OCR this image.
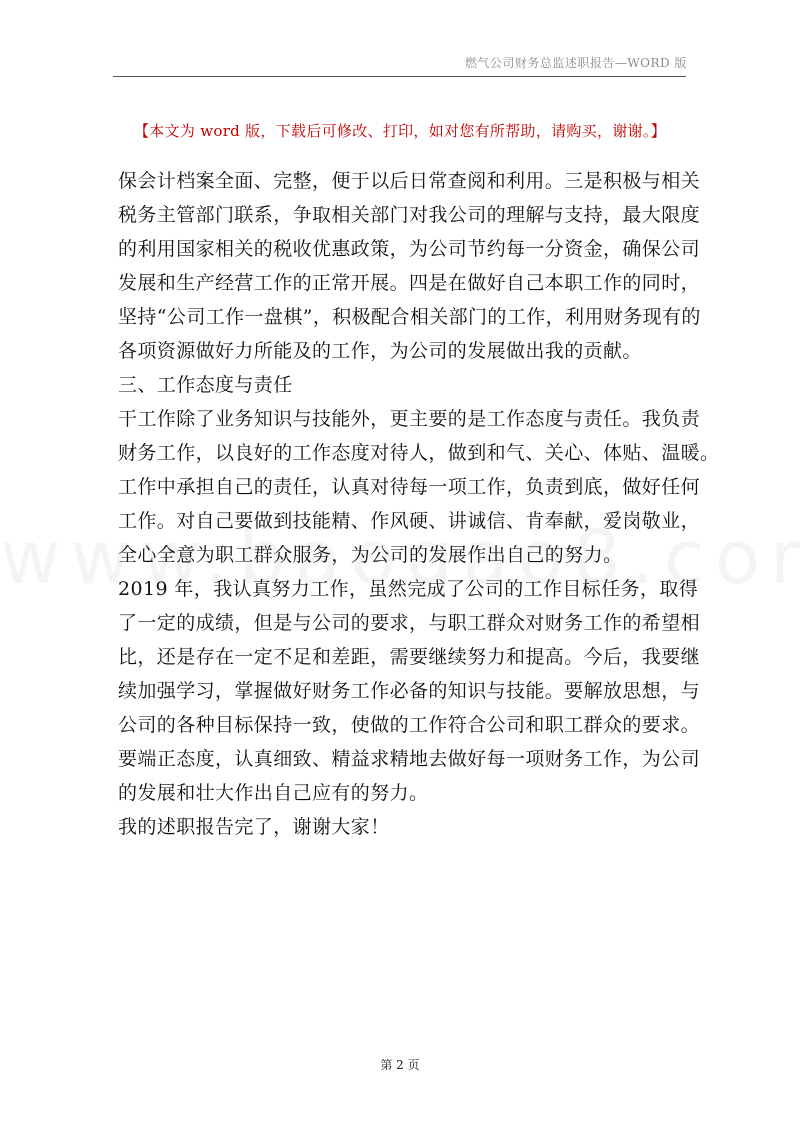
燃气公司财务总监述职报告—WORD 版
【本文为 word 版，下载后可修改、打印，如对您有所帮助，请购买，谢谢。】
保会计档案全面、完整，便于以后日常查阅和利用。三是积极与相关
税务主管部门联系，争取相关部门对我公司的理解与支持，最大限度
的利用国家相关的税收优惠政策，为公司节约每一分资金，确保公司
发展和生产经营工作的正常开展。四是在做好自己本职工作的同时，
坚持“公司工作一盘棋”，积极配合相关部门的工作，利用财务现有的
各项资源做好力所能及的工作，为公司的发展做出我的贡献。
三、工作态度与责任
干工作除了业务知识与技能外，更主要的是工作态度与责任。我负责
财务工作，以良好的工作态度对待人，做到和气、关心、体贴、温暖。
工作中承担自己的责任，认真对待每一项工作，负责到底，做好任何
工作。对自己要做到技能精、作风硬、讲诚信、肯奉献，爱岗敬业，
全心全意为职工群众服务，为公司的发展作出自己的努力。
2019 年，我认真努力工作，虽然完成了公司的工作目标任务，取得
了一定的成绩，但是与公司的要求，与职工群众对财务工作的希望相
比，还是存在一定不足和差距，需要继续努力和提高。今后，我要继
续加强学习，掌握做好财务工作必备的知识与技能。要解放思想，与
公司的各种目标保持一致，使做的工作符合公司和职工群众的要求。
要端正态度，认真细致、精益求精地去做好每一项财务工作，为公司
的发展和壮大作出自己应有的努力。
我的述职报告完了，谢谢大家！
第 2 页
